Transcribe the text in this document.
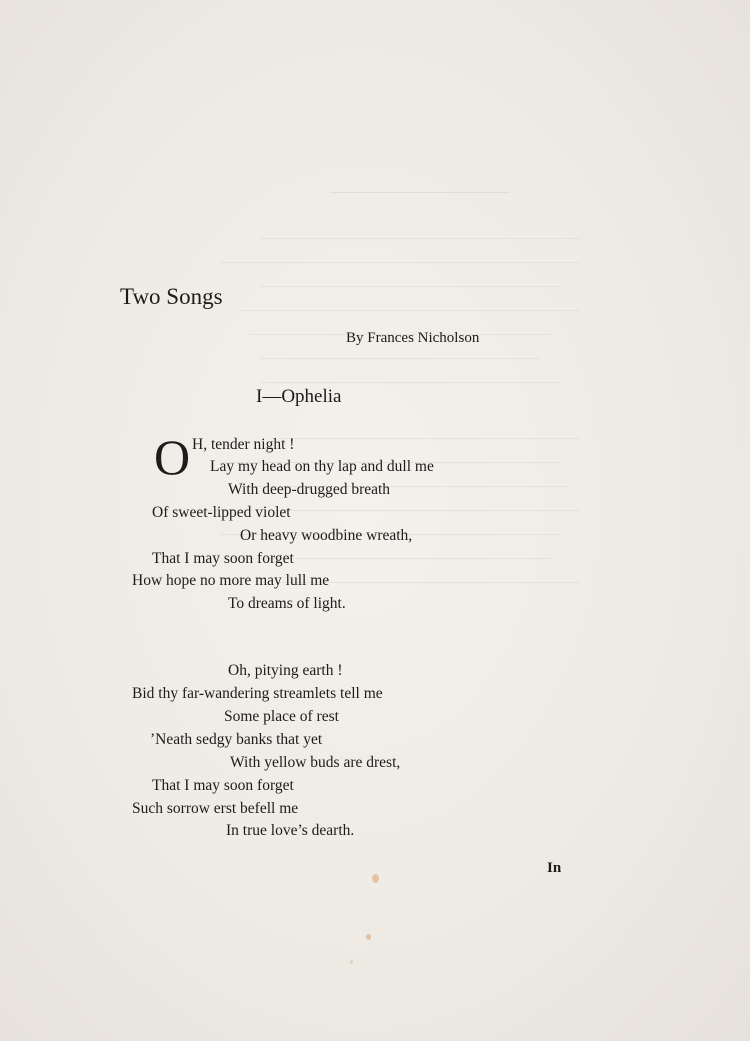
Two Songs
By Frances Nicholson
I—Ophelia
O H, tender night !
Lay my head on thy lap and dull me
With deep-drugged breath
Of sweet-lipped violet
Or heavy woodbine wreath,
That I may soon forget
How hope no more may lull me
To dreams of light.
Oh, pitying earth !
Bid thy far-wandering streamlets tell me
Some place of rest
’Neath sedgy banks that yet
With yellow buds are drest,
That I may soon forget
Such sorrow erst befell me
In true love’s dearth.
In
